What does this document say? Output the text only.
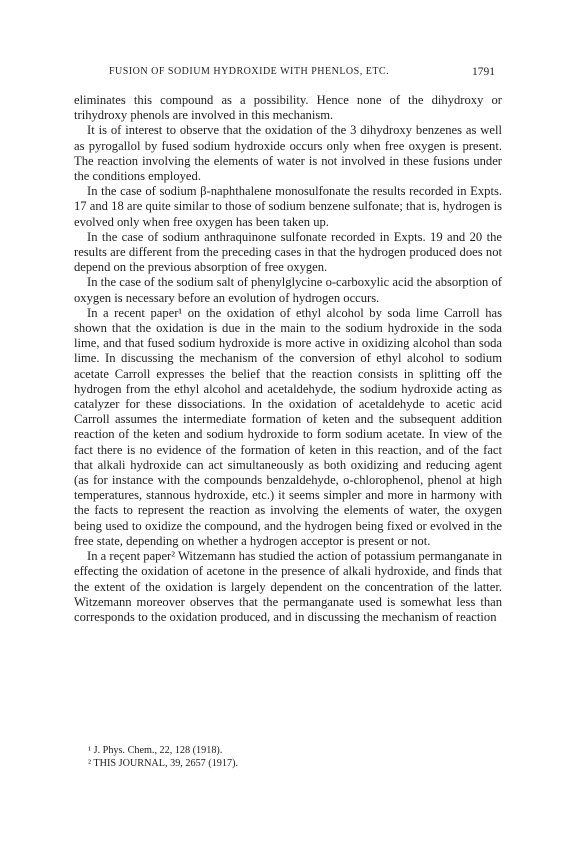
FUSION OF SODIUM HYDROXIDE WITH PHENLOS, ETC.	1791

eliminates this compound as a possibility. Hence none of the dihydroxy or trihydroxy phenols are involved in this mechanism.

It is of interest to observe that the oxidation of the 3 dihydroxy benzenes as well as pyrogallol by fused sodium hydroxide occurs only when free oxygen is present. The reaction involving the elements of water is not involved in these fusions under the conditions employed.

In the case of sodium β-naphthalene monosulfonate the results recorded in Expts. 17 and 18 are quite similar to those of sodium benzene sulfonate; that is, hydrogen is evolved only when free oxygen has been taken up.

In the case of sodium anthraquinone sulfonate recorded in Expts. 19 and 20 the results are different from the preceding cases in that the hydrogen produced does not depend on the previous absorption of free oxygen.

In the case of the sodium salt of phenylglycine o-carboxylic acid the absorption of oxygen is necessary before an evolution of hydrogen occurs.

In a recent paper¹ on the oxidation of ethyl alcohol by soda lime Carroll has shown that the oxidation is due in the main to the sodium hydroxide in the soda lime, and that fused sodium hydroxide is more active in oxidizing alcohol than soda lime. In discussing the mechanism of the conversion of ethyl alcohol to sodium acetate Carroll expresses the belief that the reaction consists in splitting off the hydrogen from the ethyl alcohol and acetaldehyde, the sodium hydroxide acting as catalyzer for these dissociations. In the oxidation of acetaldehyde to acetic acid Carroll assumes the intermediate formation of keten and the subsequent addition reaction of the keten and sodium hydroxide to form sodium acetate. In view of the fact there is no evidence of the formation of keten in this reaction, and of the fact that alkali hydroxide can act simultaneously as both oxidizing and reducing agent (as for instance with the compounds benzaldehyde, o-chlorophenol, phenol at high temperatures, stannous hydroxide, etc.) it seems simpler and more in harmony with the facts to represent the reaction as involving the elements of water, the oxygen being used to oxidize the compound, and the hydrogen being fixed or evolved in the free state, depending on whether a hydrogen acceptor is present or not.

In a reçent paper² Witzemann has studied the action of potassium permanganate in effecting the oxidation of acetone in the presence of alkali hydroxide, and finds that the extent of the oxidation is largely dependent on the concentration of the latter. Witzemann moreover observes that the permanganate used is somewhat less than corresponds to the oxidation produced, and in discussing the mechanism of reaction

¹ J. Phys. Chem., 22, 128 (1918).
² THIS JOURNAL, 39, 2657 (1917).
